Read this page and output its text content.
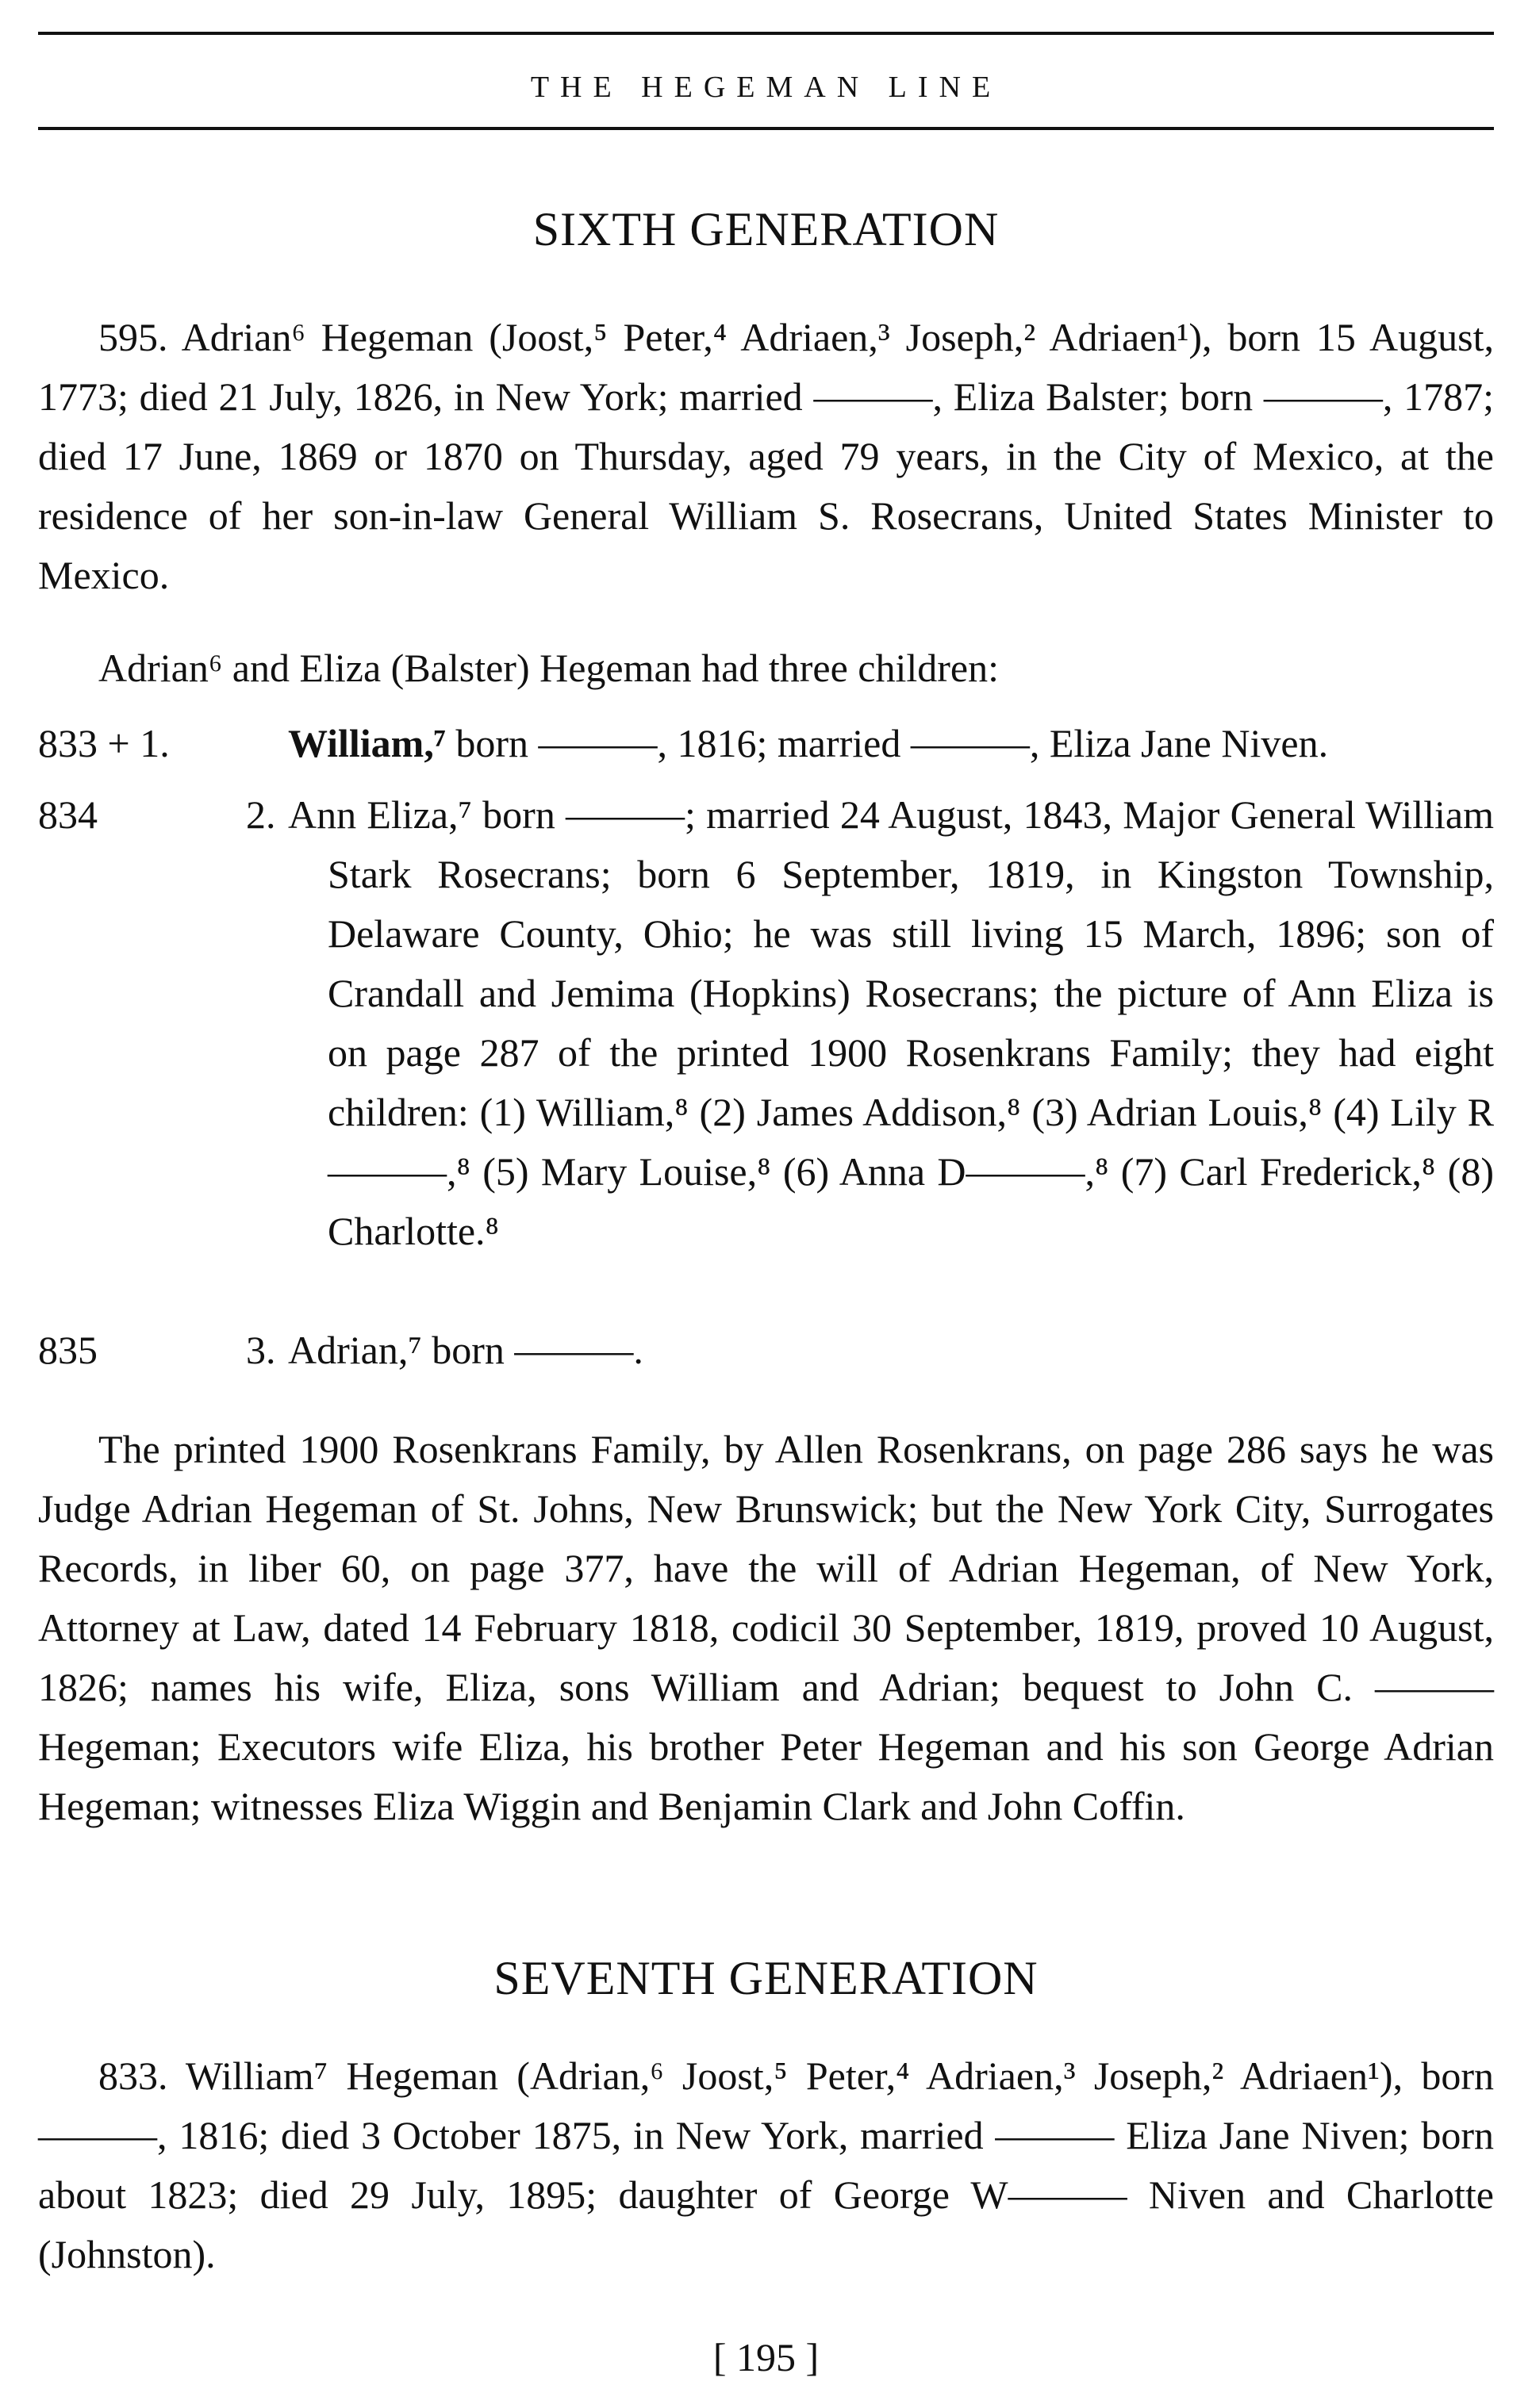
THE HEGEMAN LINE
SIXTH GENERATION

595. Adrian⁶ Hegeman (Joost,⁵ Peter,⁴ Adriaen,³ Joseph,² Adriaen¹), born 15 August, 1773; died 21 July, 1826, in New York; married ———, Eliza Balster; born ———, 1787; died 17 June, 1869 or 1870 on Thursday, aged 79 years, in the City of Mexico, at the residence of her son-in-law General William S. Rosecrans, United States Minister to Mexico.

Adrian⁶ and Eliza (Balster) Hegeman had three children:

833 + 1.	William,⁷ born ———, 1816; married ———, Eliza Jane Niven.
834	2. Ann Eliza,⁷ born ———; married 24 August, 1843, Major General William Stark Rosecrans; born 6 September, 1819, in Kingston Township, Delaware County, Ohio; he was still living 15 March, 1896; son of Crandall and Jemima (Hopkins) Rosecrans; the picture of Ann Eliza is on page 287 of the printed 1900 Rosenkrans Family; they had eight children: (1) William,⁸ (2) James Addison,⁸ (3) Adrian Louis,⁸ (4) Lily R———,⁸ (5) Mary Louise,⁸ (6) Anna D———,⁸ (7) Carl Frederick,⁸ (8) Charlotte.⁸
835	3. Adrian,⁷ born ———.

The printed 1900 Rosenkrans Family, by Allen Rosenkrans, on page 286 says he was Judge Adrian Hegeman of St. Johns, New Brunswick; but the New York City, Surrogates Records, in liber 60, on page 377, have the will of Adrian Hegeman, of New York, Attorney at Law, dated 14 February 1818, codicil 30 September, 1819, proved 10 August, 1826; names his wife, Eliza, sons William and Adrian; bequest to John C. ——— Hegeman; Executors wife Eliza, his brother Peter Hegeman and his son George Adrian Hegeman; witnesses Eliza Wiggin and Benjamin Clark and John Coffin.

SEVENTH GENERATION

833. William⁷ Hegeman (Adrian,⁶ Joost,⁵ Peter,⁴ Adriaen,³ Joseph,² Adriaen¹), born ———, 1816; died 3 October 1875, in New York, married ——— Eliza Jane Niven; born about 1823; died 29 July, 1895; daughter of George W——— Niven and Charlotte (Johnston).

[ 195 ]
